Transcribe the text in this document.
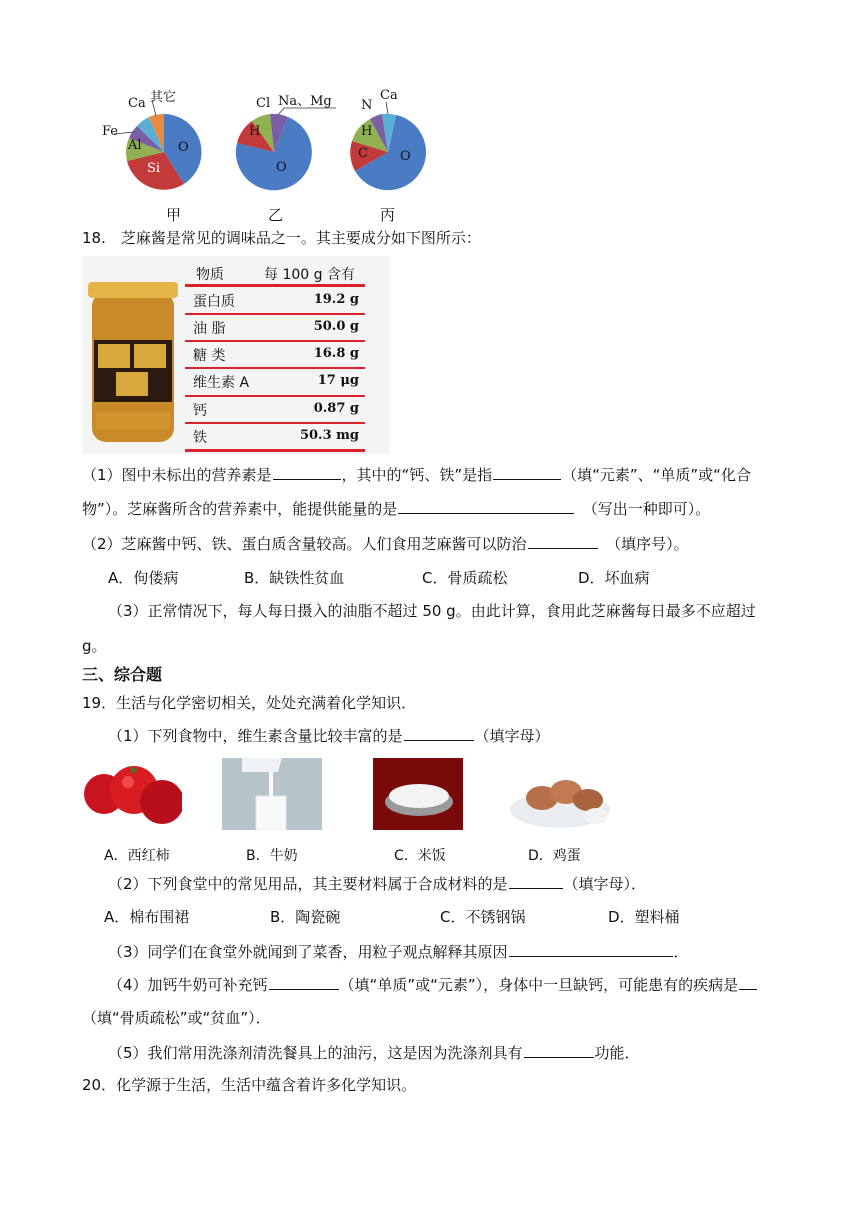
其它
Ca
Fe
Al
Si
O
Cl Na、Mg
H
O
N
Ca
H
C O
甲	乙	丙
18.　芝麻酱是常见的调味品之一。其主要成分如下图所示：
物质	每 100 g 含有
蛋白质	19.2 g
油 脂	50.0 g
糖 类	16.8 g
维生素 A	17 μg
钙	0.87 g
铁	50.3 mg
（1）图中未标出的营养素是	，其中的“钙、铁”是指	（填“元素”、“单质”或“化合
物”）。芝麻酱所含的营养素中，能提供能量的是　	（写出一种即可）。
（2）芝麻酱中钙、铁、蛋白质含量较高。人们食用芝麻酱可以防治　	（填序号）。
A．佝偻病	B．缺铁性贫血	C．骨质疏松	D．坏血病
（3）正常情况下，每人每日摄入的油脂不超过 50 g。由此计算，食用此芝麻酱每日最多不应超过
g。
三、综合题
19．生活与化学密切相关，处处充满着化学知识．
（1）下列食物中，维生素含量比较丰富的是	（填字母）
A．西红柿	B．牛奶	C．米饭	D．鸡蛋
（2）下列食堂中的常见用品，其主要材料属于合成材料的是	（填字母）．
A．棉布围裙	B．陶瓷碗	C．不锈钢锅	D．塑料桶
（3）同学们在食堂外就闻到了菜香，用粒子观点解释其原因	．
（4）加钙牛奶可补充钙	（填“单质”或“元素”），身体中一旦缺钙，可能患有的疾病是
（填“骨质疏松”或“贫血”）．
（5）我们常用洗涤剂清洗餐具上的油污，这是因为洗涤剂具有	功能．
20．化学源于生活，生活中蕴含着许多化学知识。
